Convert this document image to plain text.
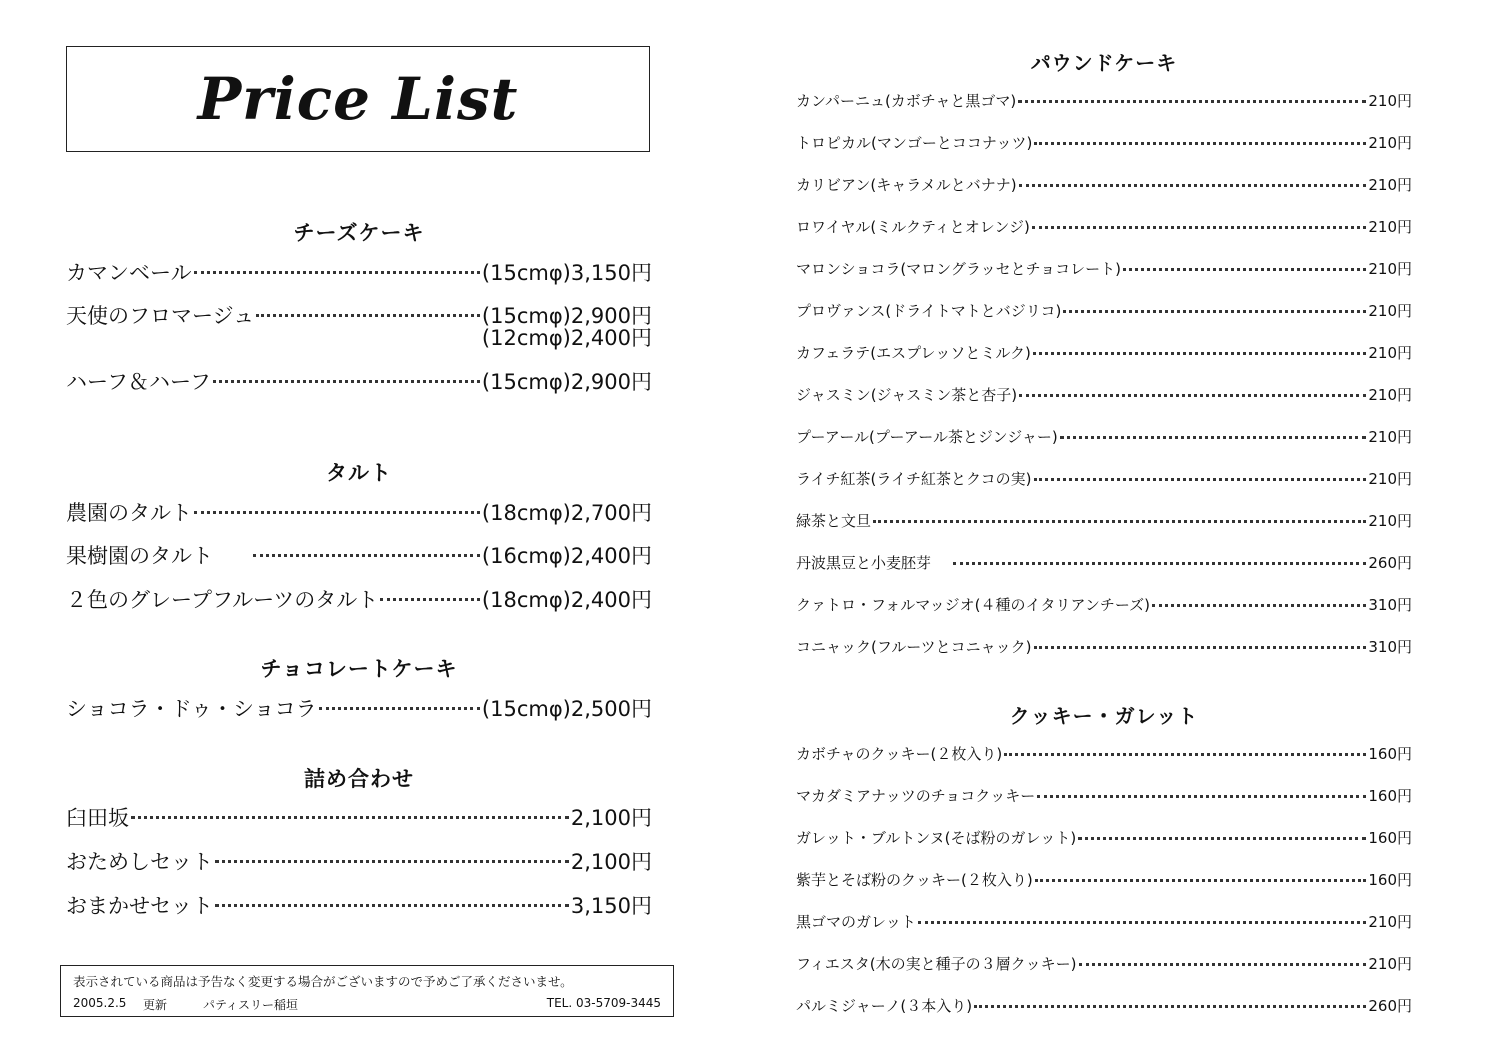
Price List
チーズケーキ
カマンベール	(15cmφ)3,150円
天使のフロマージュ	(15cmφ)2,900円
(12cmφ)2,400円
ハーフ＆ハーフ	(15cmφ)2,900円
タルト
農園のタルト	(18cmφ)2,700円
果樹園のタルト	(16cmφ)2,400円
２色のグレープフルーツのタルト	(18cmφ)2,400円
チョコレートケーキ
ショコラ・ドゥ・ショコラ	(15cmφ)2,500円
詰め合わせ
臼田坂	2,100円
おためしセット	2,100円
おまかせセット	3,150円
パウンドケーキ
カンパーニュ(カボチャと黒ゴマ)	210円
トロピカル(マンゴーとココナッツ)	210円
カリビアン(キャラメルとバナナ)	210円
ロワイヤル(ミルクティとオレンジ)	210円
マロンショコラ(マロングラッセとチョコレート)	210円
プロヴァンス(ドライトマトとバジリコ)	210円
カフェラテ(エスプレッソとミルク)	210円
ジャスミン(ジャスミン茶と杏子)	210円
プーアール(プーアール茶とジンジャー)	210円
ライチ紅茶(ライチ紅茶とクコの実)	210円
緑茶と文旦	210円
丹波黒豆と小麦胚芽	260円
クァトロ・フォルマッジオ(４種のイタリアンチーズ)	310円
コニャック(フルーツとコニャック)	310円
クッキー・ガレット
カボチャのクッキー(２枚入り)	160円
マカダミアナッツのチョコクッキー	160円
ガレット・ブルトンヌ(そば粉のガレット)	160円
紫芋とそば粉のクッキー(２枚入り)	160円
黒ゴマのガレット	210円
フィエスタ(木の実と種子の３層クッキー)	210円
パルミジャーノ(３本入り)	260円
表示されている商品は予告なく変更する場合がございますので予めご了承くださいませ。
2005.2.5	更新	パティスリー稲垣	TEL. 03-5709-3445
